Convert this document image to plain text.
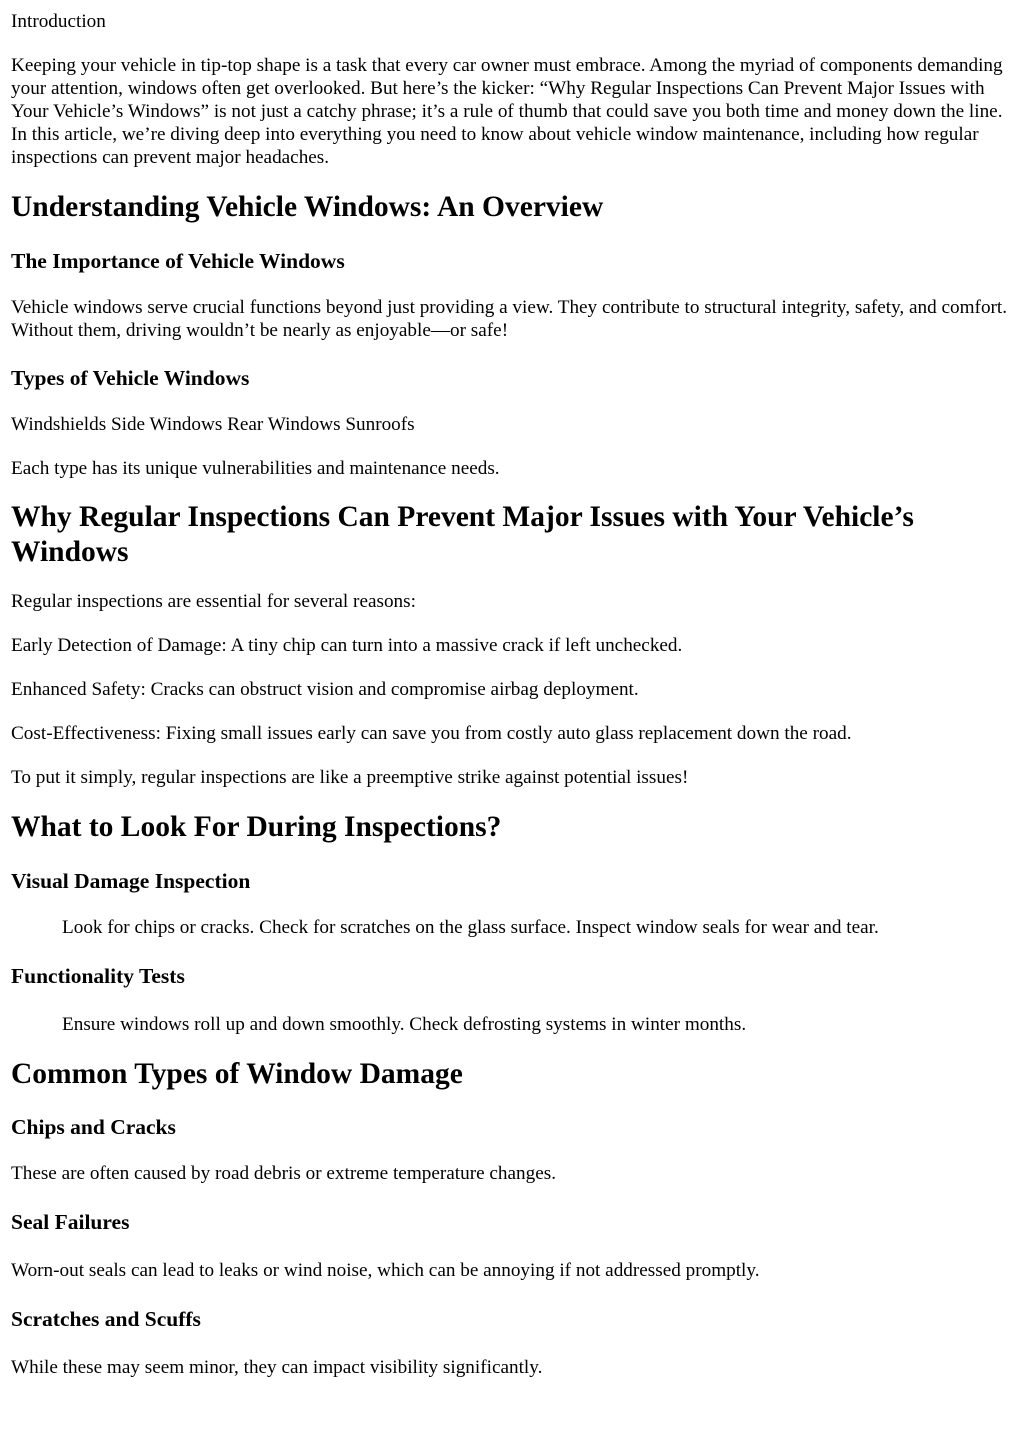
Introduction

Keeping your vehicle in tip-top shape is a task that every car owner must embrace. Among the myriad of components demanding your attention, windows often get overlooked. But here’s the kicker: “Why Regular Inspections Can Prevent Major Issues with Your Vehicle’s Windows” is not just a catchy phrase; it’s a rule of thumb that could save you both time and money down the line. In this article, we’re diving deep into everything you need to know about vehicle window maintenance, including how regular inspections can prevent major headaches.

Understanding Vehicle Windows: An Overview
The Importance of Vehicle Windows

Vehicle windows serve crucial functions beyond just providing a view. They contribute to structural integrity, safety, and comfort. Without them, driving wouldn’t be nearly as enjoyable—or safe!

Types of Vehicle Windows

Windshields Side Windows Rear Windows Sunroofs

Each type has its unique vulnerabilities and maintenance needs.

Why Regular Inspections Can Prevent Major Issues with Your Vehicle’s Windows

Regular inspections are essential for several reasons:

Early Detection of Damage: A tiny chip can turn into a massive crack if left unchecked.

Enhanced Safety: Cracks can obstruct vision and compromise airbag deployment.

Cost-Effectiveness: Fixing small issues early can save you from costly auto glass replacement down the road.

To put it simply, regular inspections are like a preemptive strike against potential issues!

What to Look For During Inspections?
Visual Damage Inspection

Look for chips or cracks. Check for scratches on the glass surface. Inspect window seals for wear and tear.

Functionality Tests

Ensure windows roll up and down smoothly. Check defrosting systems in winter months.

Common Types of Window Damage
Chips and Cracks

These are often caused by road debris or extreme temperature changes.

Seal Failures

Worn-out seals can lead to leaks or wind noise, which can be annoying if not addressed promptly.

Scratches and Scuffs

While these may seem minor, they can impact visibility significantly.
